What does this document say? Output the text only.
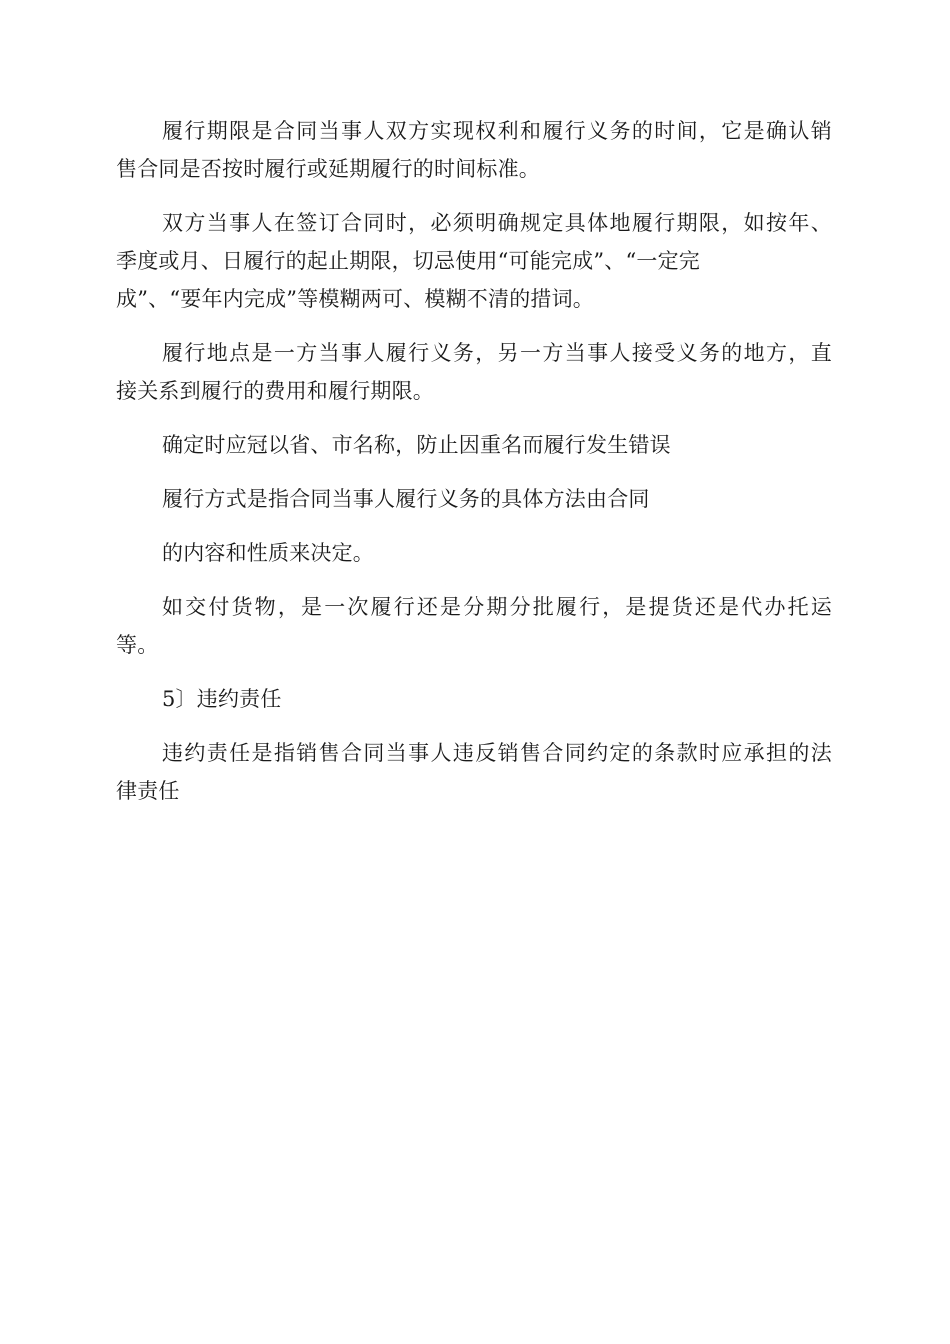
履行期限是合同当事人双方实现权利和履行义务的时间，它是确认销
售合同是否按时履行或延期履行的时间标准。
双方当事人在签订合同时，必须明确规定具体地履行期限，如按年、
季度或月、日履行的起止期限，切忌使用“可能完成”、“一定完
成”、“要年内完成”等模糊两可、模糊不清的措词。
履行地点是一方当事人履行义务，另一方当事人接受义务的地方，直
接关系到履行的费用和履行期限。
确定时应冠以省、市名称，防止因重名而履行发生错误
履行方式是指合同当事人履行义务的具体方法由合同
的内容和性质来决定。
如交付货物，是一次履行还是分期分批履行，是提货还是代办托运
等。
5〕违约责任
违约责任是指销售合同当事人违反销售合同约定的条款时应承担的法
律责任
